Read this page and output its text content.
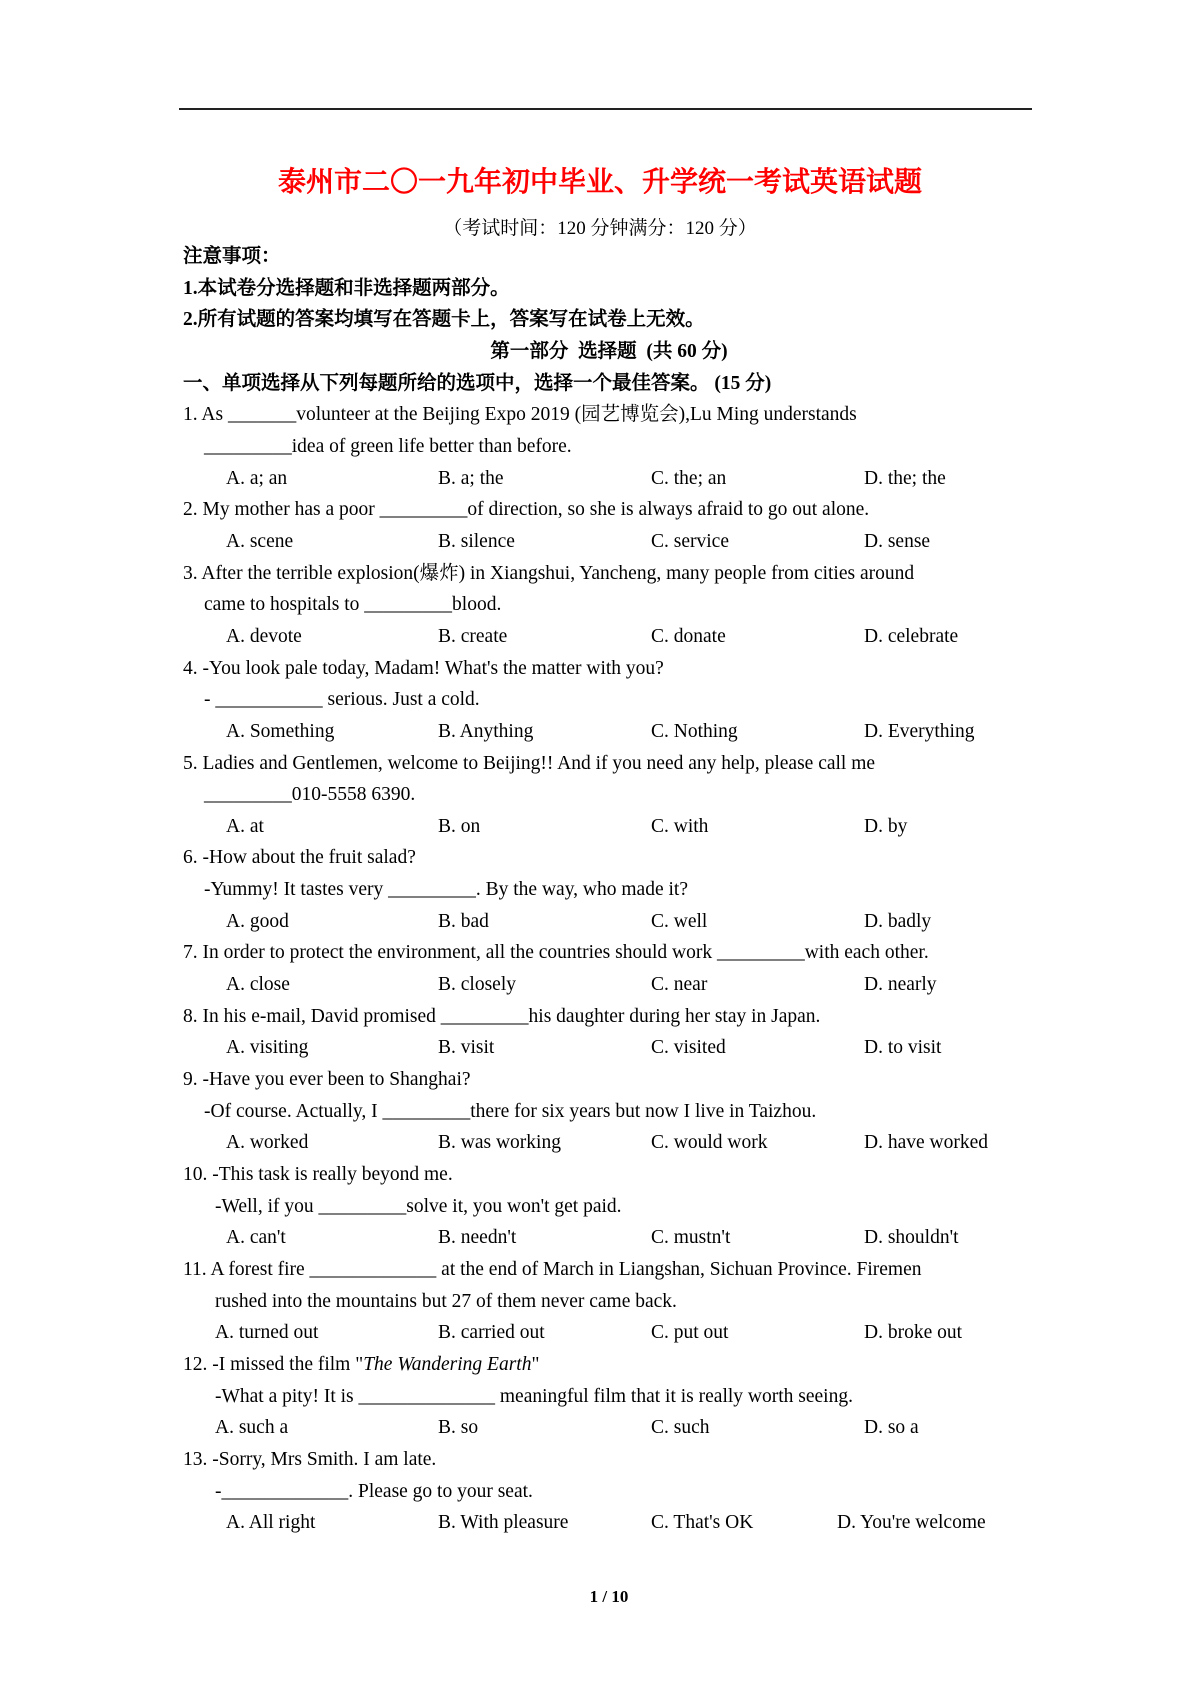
泰州市二〇一九年初中毕业、升学统一考试英语试题
（考试时间：120 分钟满分：120 分）
注意事项：
1.本试卷分选择题和非选择题两部分。
2.所有试题的答案均填写在答题卡上，答案写在试卷上无效。
第一部分  选择题  (共 60 分)
一、单项选择从下列每题所给的选项中，选择一个最佳答案。 (15 分)
1. As _______volunteer at the Beijing Expo 2019 (园艺博览会),Lu Ming understands
_________idea of green life better than before.
A. a; an	B. a; the	C. the; an	D. the; the
2. My mother has a poor _________of direction, so she is always afraid to go out alone.
A. scene	B. silence	C. service	D. sense
3. After the terrible explosion(爆炸) in Xiangshui, Yancheng, many people from cities around
came to hospitals to _________blood.
A. devote	B. create	C. donate	D. celebrate
4. -You look pale today, Madam! What's the matter with you?
- ___________ serious. Just a cold.
A. Something	B. Anything	C. Nothing	D. Everything
5. Ladies and Gentlemen, welcome to Beijing!! And if you need any help, please call me
_________010-5558 6390.
A. at	B. on	C. with	D. by
6. -How about the fruit salad?
-Yummy! It tastes very _________. By the way, who made it?
A. good	B. bad	C. well	D. badly
7. In order to protect the environment, all the countries should work _________with each other.
A. close	B. closely	C. near	D. nearly
8. In his e-mail, David promised _________his daughter during her stay in Japan.
A. visiting	B. visit	C. visited	D. to visit
9. -Have you ever been to Shanghai?
-Of course. Actually, I _________there for six years but now I live in Taizhou.
A. worked	B. was working	C. would work	D. have worked
10. -This task is really beyond me.
-Well, if you _________solve it, you won't get paid.
A. can't	B. needn't	C. mustn't	D. shouldn't
11. A forest fire _____________ at the end of March in Liangshan, Sichuan Province. Firemen
rushed into the mountains but 27 of them never came back.
A. turned out	B. carried out	C. put out	D. broke out
12. -I missed the film "The Wandering Earth"
-What a pity! It is ______________ meaningful film that it is really worth seeing.
A. such a	B. so	C. such	D. so a
13. -Sorry, Mrs Smith. I am late.
-_____________. Please go to your seat.
A. All right	B. With pleasure	C. That's OK	D. You're welcome
1 / 10
